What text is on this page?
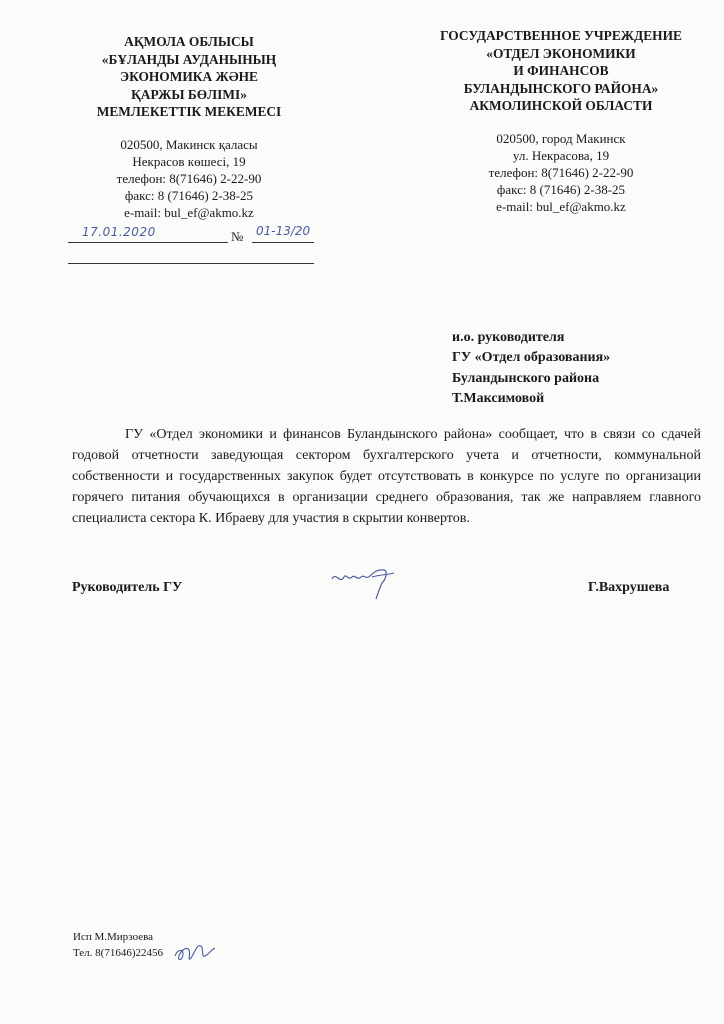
АҚМОЛА ОБЛЫСЫ
«БҰЛАНДЫ АУДАНЫНЫҢ
ЭКОНОМИКА ЖӘНЕ
ҚАРЖЫ БӨЛІМІ»
МЕМЛЕКЕТТІК МЕКЕМЕСІ
020500, Макинск қаласы
Некрасов көшесі, 19
телефон: 8(71646) 2-22-90
факс: 8 (71646) 2-38-25
e-mail: bul_ef@akmo.kz
ГОСУДАРСТВЕННОЕ УЧРЕЖДЕНИЕ
«ОТДЕЛ ЭКОНОМИКИ
И ФИНАНСОВ
БУЛАНДЫНСКОГО РАЙОНА»
АКМОЛИНСКОЙ ОБЛАСТИ
020500, город Макинск
ул. Некрасова, 19
телефон: 8(71646) 2-22-90
факс: 8 (71646) 2-38-25
e-mail: bul_ef@akmo.kz
17.01.2020	№ 01-13/20
и.о. руководителя
ГУ «Отдел образования»
Буландынского района
Т.Максимовой
ГУ «Отдел экономики и финансов Буландынского района» сообщает, что в связи со сдачей годовой отчетности заведующая сектором бухгалтерского учета и отчетности, коммунальной собственности и государственных закупок будет отсутствовать в конкурсе по услуге по организации горячего питания обучающихся в организации среднего образования, так же направляем главного специалиста сектора К. Ибраеву для участия в скрытии конвертов.
Руководитель ГУ	Г.Вахрушева
Исп М.Мирзоева
Тел. 8(71646)22456
